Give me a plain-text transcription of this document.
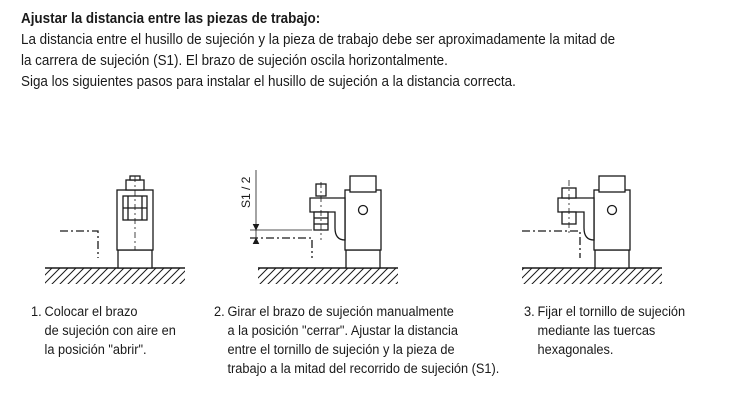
Ajustar la distancia entre las piezas de trabajo:
La distancia entre el husillo de sujeción y la pieza de trabajo debe ser aproximadamente la mitad de
la carrera de sujeción (S1). El brazo de sujeción oscila horizontalmente.
Siga los siguientes pasos para instalar el husillo de sujeción a la distancia correcta.
S1 / 2
1. Colocar el brazo
de sujeción con aire en
la posición "abrir".
2. Girar el brazo de sujeción manualmente
a la posición "cerrar". Ajustar la distancia
entre el tornillo de sujeción y la pieza de
trabajo a la mitad del recorrido de sujeción (S1).
3. Fijar el tornillo de sujeción
mediante las tuercas
hexagonales.
